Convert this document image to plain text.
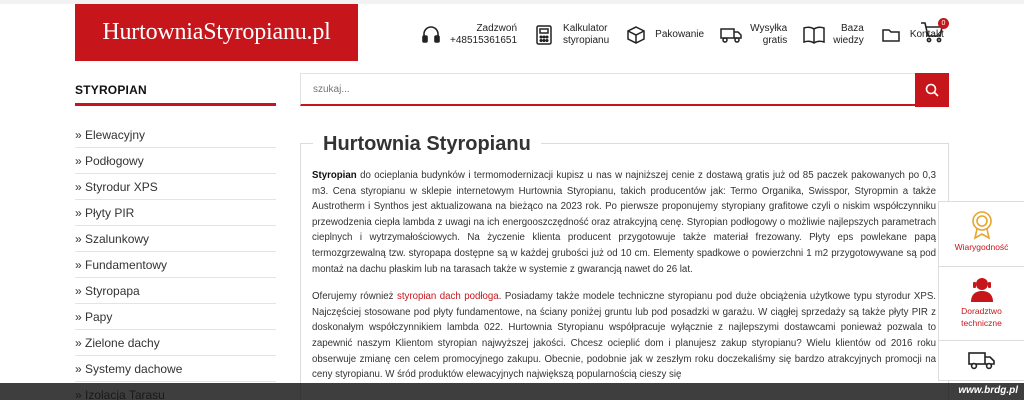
HurtowniaStyropianu.pl	Zadzwoń
+48515361651
Kalkulator
styropianu
Pakowanie
Wysyłka
gratis
Baza
wiedzy
Kontakt
0
STYROPIAN
» Elewacyjny
» Podłogowy
» Styrodur XPS
» Płyty PIR
» Szalunkowy
» Fundamentowy
» Styropapa
» Papy
» Zielone dachy
» Systemy dachowe
szukaj...
Hurtownia Styropianu

Styropian do ocieplania budynków i termomodernizacji kupisz u nas w najniższej cenie z dostawą gratis już od 85 paczek pakowanych po 0,3 m3. Cena styropianu w sklepie internetowym Hurtownia Styropianu, takich producentów jak: Termo Organika, Swisspor, Styropmin a także Austrotherm i Synthos jest aktualizowana na bieżąco na 2023 rok. Po pierwsze proponujemy styropiany grafitowe czyli o niskim współczynniku przewodzenia ciepła lambda z uwagi na ich energooszczędność oraz atrakcyjną cenę. Styropian podłogowy o możliwie najlepszych parametrach cieplnych i wytrzymałościowych. Na życzenie klienta producent przygotowuje także materiał frezowany. Płyty eps powlekane papą termozgrzewalną tzw. styropapa dostępne są w każdej grubości już od 10 cm. Elementy spadkowe o powierzchni 1 m2 przygotowywane są pod montaż na dachu płaskim lub na tarasach także w systemie z gwarancją nawet do 26 lat.

Oferujemy również styropian dach podłoga. Posiadamy także modele techniczne styropianu pod duże obciążenia użytkowe typu styrodur XPS. Najczęściej stosowane pod płyty fundamentowe, na ściany poniżej gruntu lub pod posadzki w garażu. W ciągłej sprzedaży są także płyty PIR z doskonałym współczynnikiem lambda 022. Hurtownia Styropianu współpracuje wyłącznie z najlepszymi dostawcami ponieważ pozwala to zapewnić naszym Klientom styropian najwyższej jakości. Chcesz ocieplić dom i planujesz zakup styropianu? Wielu klientów od 2016 roku obserwuje zmianę cen celem promocyjnego zakupu. Obecnie, podobnie jak w zeszłym roku doczekaliśmy się bardzo atrakcyjnych promocji na ceny styropianu. W śród produktów elewacyjnych największą popularnością cieszy się

Wiarygodność
Doradztwo
techniczne
www.brdg.pl
